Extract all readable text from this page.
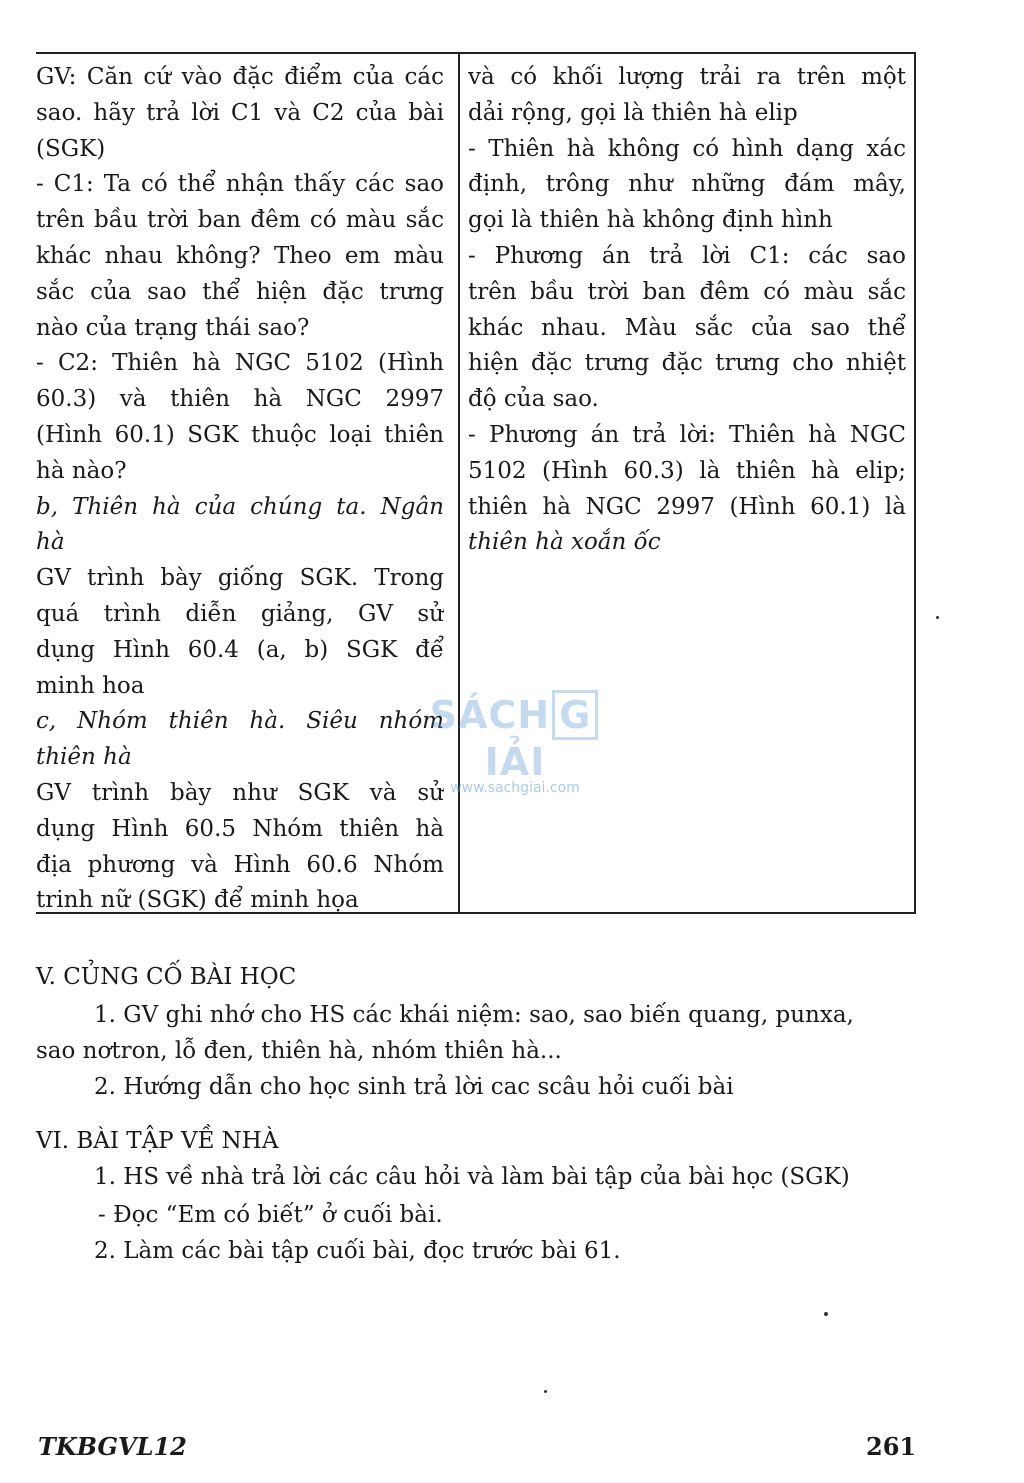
GV: Căn cứ vào đặc điểm của các
sao. hãy trả lời C1 và C2 của bài
(SGK)
- C1: Ta có thể nhận thấy các sao
trên bầu trời ban đêm có màu sắc
khác nhau không? Theo em màu
sắc của sao thể hiện đặc trưng
nào của trạng thái sao?
- C2: Thiên hà NGC 5102 (Hình
60.3) và thiên hà NGC 2997
(Hình 60.1) SGK thuộc loại thiên
hà nào?
b, Thiên hà của chúng ta. Ngân
hà
GV trình bày giống SGK. Trong
quá trình diễn giảng, GV sử
dụng Hình 60.4 (a, b) SGK để
minh hoa
c, Nhóm thiên hà. Siêu nhóm
thiên hà
GV trình bày như SGK và sử
dụng Hình 60.5 Nhóm thiên hà
địa phương và Hình 60.6 Nhóm
trinh nữ (SGK) để minh họa
và có khối lượng trải ra trên một
dải rộng, gọi là thiên hà elip
- Thiên hà không có hình dạng xác
định, trông như những đám mây,
gọi là thiên hà không định hình
- Phương án trả lời C1: các sao
trên bầu trời ban đêm có màu sắc
khác nhau. Màu sắc của sao thể
hiện đặc trưng đặc trưng cho nhiệt
độ của sao.
- Phương án trả lời: Thiên hà NGC
5102 (Hình 60.3) là thiên hà elip;
thiên hà NGC 2997 (Hình 60.1) là
thiên hà xoắn ốc
SÁCH GIẢI
www.sachgiai.com
V. CỦNG CỐ BÀI HỌC
1. GV ghi nhớ cho HS các khái niệm: sao, sao biến quang, punxa,
sao nơtron, lỗ đen, thiên hà, nhóm thiên hà...
2. Hướng dẫn cho học sinh trả lời cac scâu hỏi cuối bài
VI. BÀI TẬP VỀ NHÀ
1. HS về nhà trả lời các câu hỏi và làm bài tập của bài học (SGK)
- Đọc “Em có biết” ở cuối bài.
2. Làm các bài tập cuối bài, đọc trước bài 61.
TKBGVL12	261
